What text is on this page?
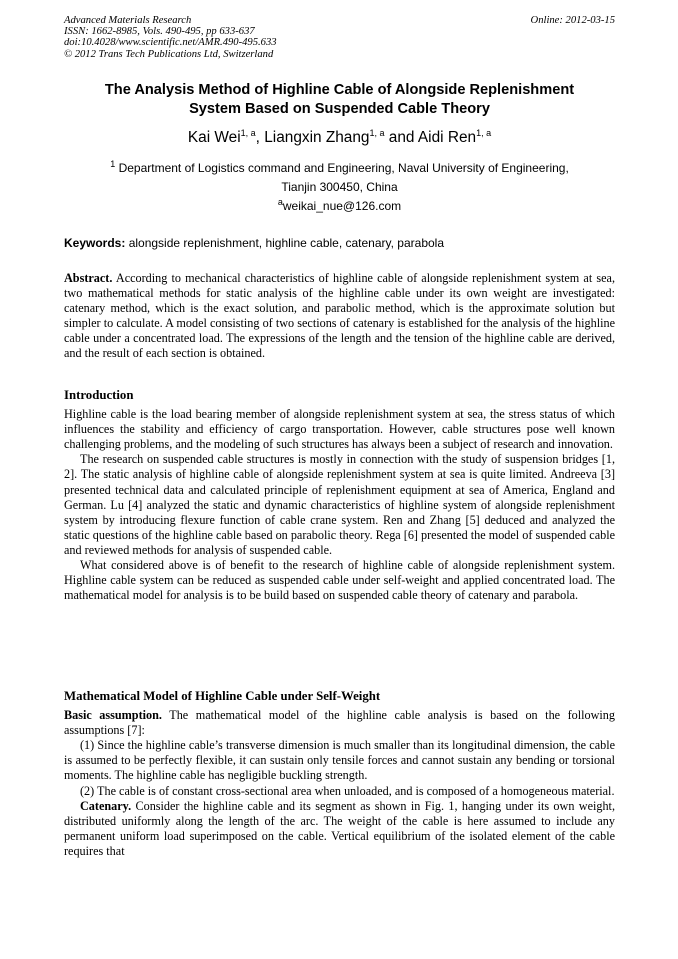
Advanced Materials Research
ISSN: 1662-8985, Vols. 490-495, pp 633-637
doi:10.4028/www.scientific.net/AMR.490-495.633
© 2012 Trans Tech Publications Ltd, Switzerland
Online: 2012-03-15
The Analysis Method of Highline Cable of Alongside Replenishment
System Based on Suspended Cable Theory
Kai Wei$^{1, a}$, Liangxin Zhang$^{1, a}$ and Aidi Ren$^{1, a}$
$^1$ Department of Logistics command and Engineering, Naval University of Engineering,
Tianjin 300450, China
$^a$weikai_nue@126.com
Keywords: alongside replenishment, highline cable, catenary, parabola

Abstract. According to mechanical characteristics of highline cable of alongside replenishment system at sea, two mathematical methods for static analysis of the highline cable under its own weight are investigated: catenary method, which is the exact solution, and parabolic method, which is the approximate solution but simpler to calculate. A model consisting of two sections of catenary is established for the analysis of the highline cable under a concentrated load. The expressions of the length and the tension of the highline cable are derived, and the result of each section is obtained.

Introduction

Highline cable is the load bearing member of alongside replenishment system at sea, the stress status of which influences the stability and efficiency of cargo transportation. However, cable structures pose well known challenging problems, and the modeling of such structures has always been a subject of research and innovation.

The research on suspended cable structures is mostly in connection with the study of suspension bridges [1, 2]. The static analysis of highline cable of alongside replenishment system at sea is quite limited. Andreeva [3] presented technical data and calculated principle of replenishment equipment at sea of America, England and German. Lu [4] analyzed the static and dynamic characteristics of highline system of alongside replenishment system by introducing flexure function of cable crane system. Ren and Zhang [5] deduced and analyzed the static questions of the highline cable based on parabolic theory. Rega [6] presented the model of suspended cable and reviewed methods for analysis of suspended cable.

What considered above is of benefit to the research of highline cable of alongside replenishment system. Highline cable system can be reduced as suspended cable under self-weight and applied concentrated load. The mathematical model for analysis is to be build based on suspended cable theory of catenary and parabola.

Mathematical Model of Highline Cable under Self-Weight

Basic assumption. The mathematical model of the highline cable analysis is based on the following assumptions [7]:

(1) Since the highline cable’s transverse dimension is much smaller than its longitudinal dimension, the cable is assumed to be perfectly flexible, it can sustain only tensile forces and cannot sustain any bending or torsional moments. The highline cable has negligible buckling strength.

(2) The cable is of constant cross-sectional area when unloaded, and is composed of a homogeneous material.

Catenary. Consider the highline cable and its segment as shown in Fig. 1, hanging under its own weight, distributed uniformly along the length of the arc. The weight of the cable is here assumed to include any permanent uniform load superimposed on the cable. Vertical equilibrium of the isolated element of the cable requires that
